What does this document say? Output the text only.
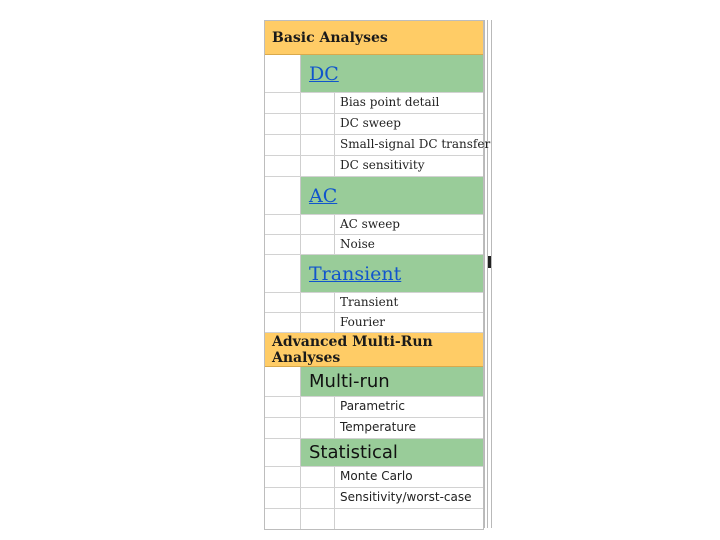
Basic Analyses
DC
Bias point detail
DC sweep
Small-signal DC transfer
DC sensitivity
AC
AC sweep
Noise
Transient
Transient
Fourier
Advanced Multi-Run Analyses
Multi-run
Parametric
Temperature
Statistical
Monte Carlo
Sensitivity/worst-case
